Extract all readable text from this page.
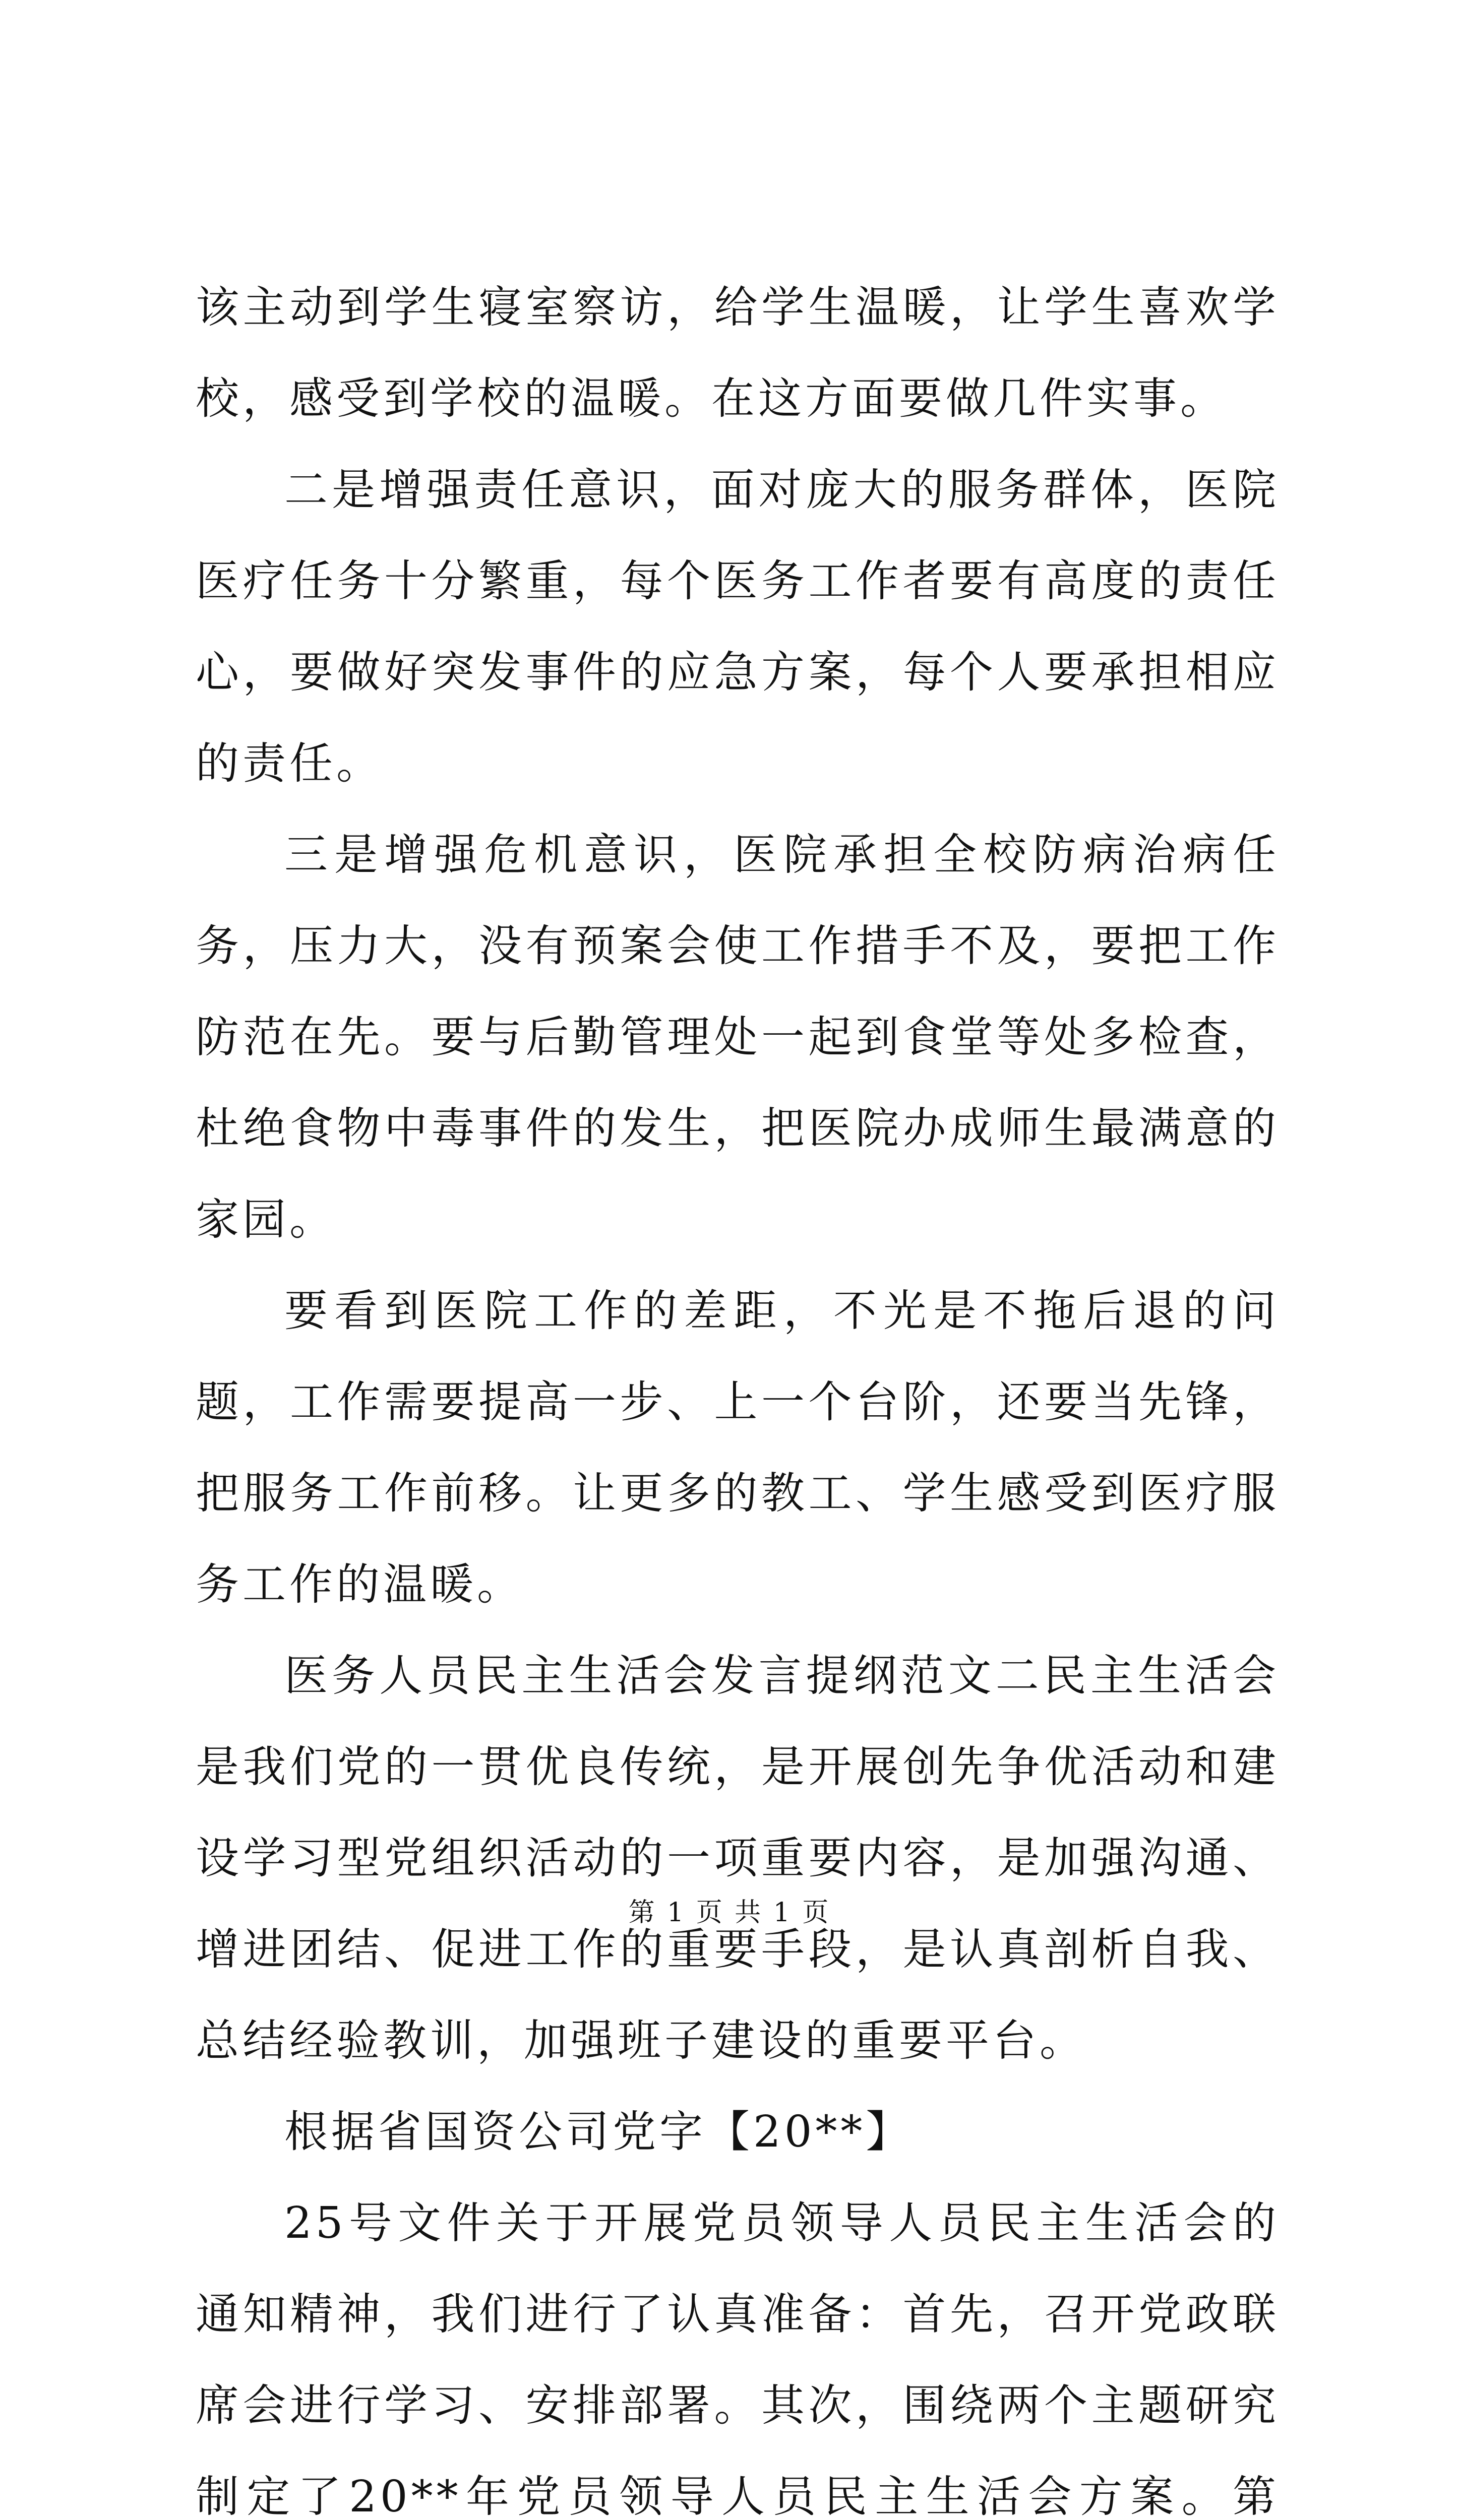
该主动到学生寝室察访，给学生温暖，让学生喜欢学校，感受到学校的温暖。在这方面要做几件实事。

二是增强责任意识，面对庞大的服务群体，医院医疗任务十分繁重，每个医务工作者要有高度的责任心，要做好突发事件的应急方案，每个人要承担相应的责任。

三是增强危机意识，医院承担全校防病治病任务，压力大，没有预案会使工作措手不及，要把工作防范在先。要与后勤管理处一起到食堂等处多检查，杜绝食物中毒事件的发生，把医院办成师生最满意的家园。

要看到医院工作的差距，不光是不拖后退的问题，工作需要提高一步、上一个台阶，还要当先锋，把服务工作前移。让更多的教工、学生感受到医疗服务工作的温暖。

医务人员民主生活会发言提纲范文二民主生活会是我们党的一贯优良传统，是开展创先争优活动和建设学习型党组织活动的一项重要内容，是加强沟通、增进团结、促进工作的重要手段，是认真剖析自我、总结经验教训，加强班子建设的重要平台。

根据省国资公司党字【20**】

25号文件关于开展党员领导人员民主生活会的通知精神，我们进行了认真准备：首先，召开党政联席会进行学习、安排部署。其次，围绕两个主题研究制定了20**年党员领导人员民主生活会方案。第

第 1 页 共 1 页
